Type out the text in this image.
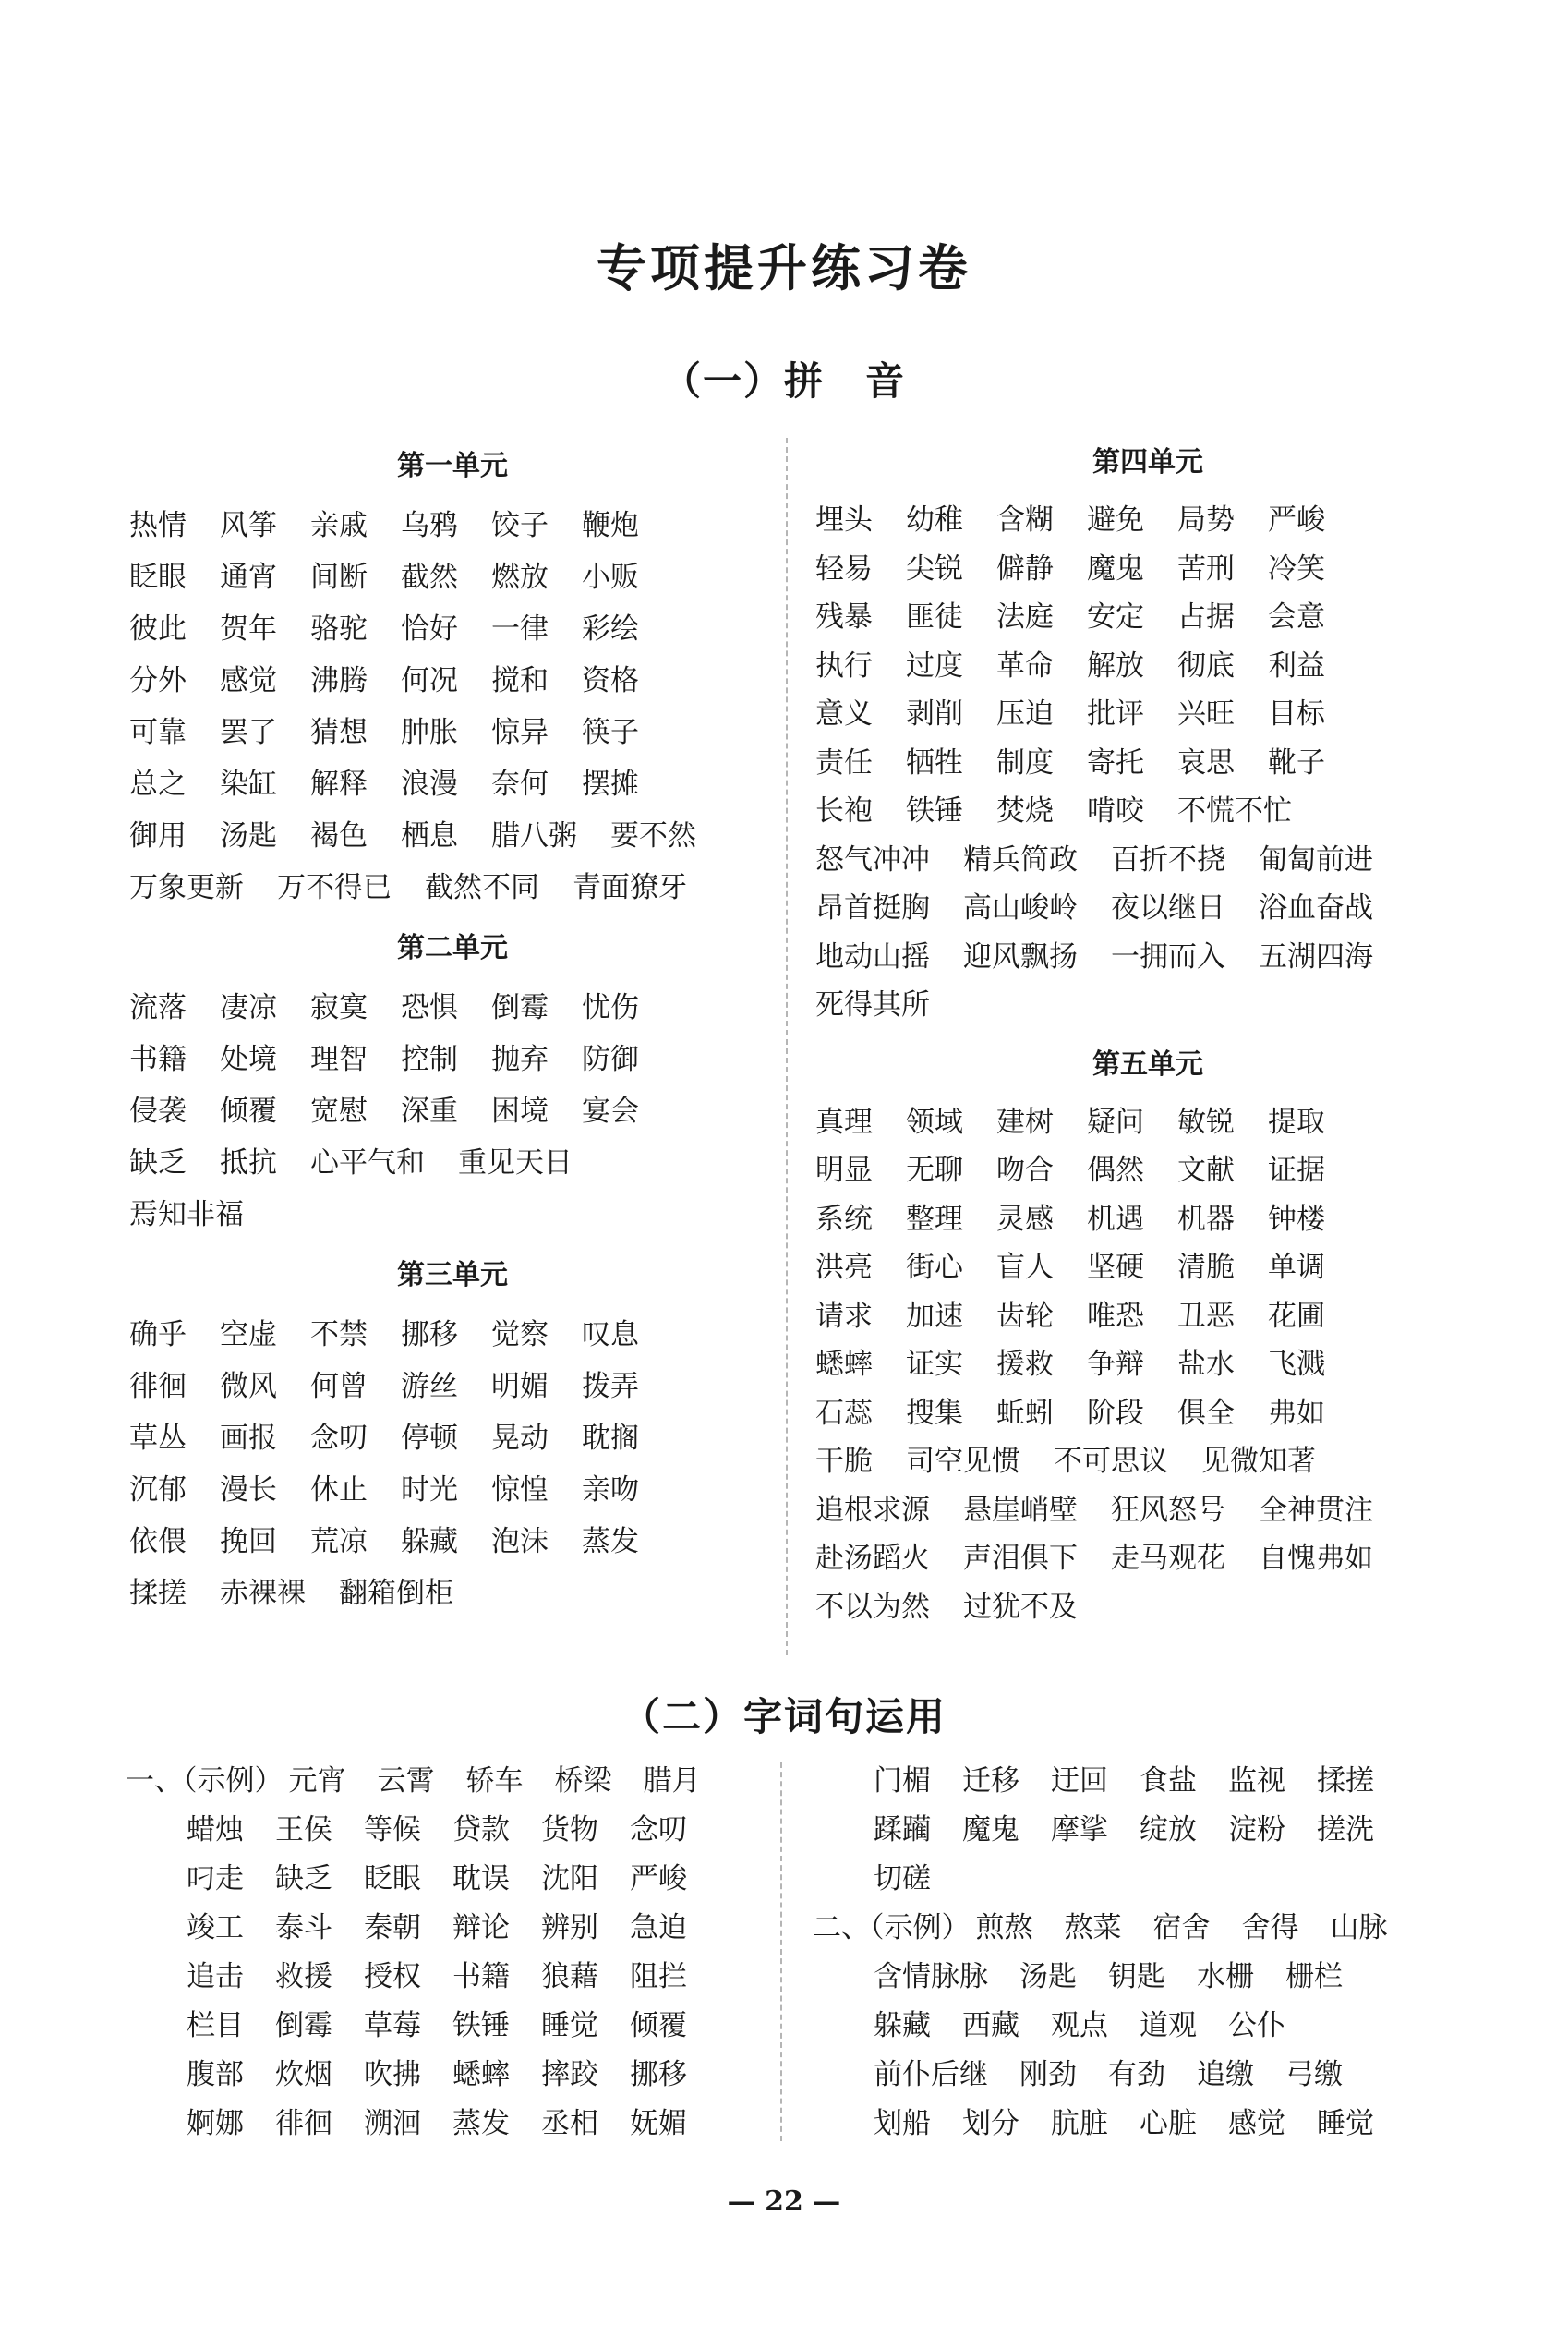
专项提升练习卷
（一）拼　音
第一单元
热情 风筝 亲戚 乌鸦 饺子 鞭炮
眨眼 通宵 间断 截然 燃放 小贩
彼此 贺年 骆驼 恰好 一律 彩绘
分外 感觉 沸腾 何况 搅和 资格
可靠 罢了 猜想 肿胀 惊异 筷子
总之 染缸 解释 浪漫 奈何 摆摊
御用 汤匙 褐色 栖息 腊八粥 要不然
万象更新 万不得已 截然不同 青面獠牙
第二单元
流落 凄凉 寂寞 恐惧 倒霉 忧伤
书籍 处境 理智 控制 抛弃 防御
侵袭 倾覆 宽慰 深重 困境 宴会
缺乏 抵抗 心平气和 重见天日
焉知非福
第三单元
确乎 空虚 不禁 挪移 觉察 叹息
徘徊 微风 何曾 游丝 明媚 拨弄
草丛 画报 念叨 停顿 晃动 耽搁
沉郁 漫长 休止 时光 惊惶 亲吻
依偎 挽回 荒凉 躲藏 泡沫 蒸发
揉搓 赤裸裸 翻箱倒柜
第四单元
埋头 幼稚 含糊 避免 局势 严峻
轻易 尖锐 僻静 魔鬼 苦刑 冷笑
残暴 匪徒 法庭 安定 占据 会意
执行 过度 革命 解放 彻底 利益
意义 剥削 压迫 批评 兴旺 目标
责任 牺牲 制度 寄托 哀思 靴子
长袍 铁锤 焚烧 啃咬 不慌不忙
怒气冲冲 精兵简政 百折不挠 匍匐前进
昂首挺胸 高山峻岭 夜以继日 浴血奋战
地动山摇 迎风飘扬 一拥而入 五湖四海
死得其所
第五单元
真理 领域 建树 疑问 敏锐 提取
明显 无聊 吻合 偶然 文献 证据
系统 整理 灵感 机遇 机器 钟楼
洪亮 街心 盲人 坚硬 清脆 单调
请求 加速 齿轮 唯恐 丑恶 花圃
蟋蟀 证实 援救 争辩 盐水 飞溅
石蕊 搜集 蚯蚓 阶段 俱全 弗如
干脆 司空见惯 不可思议 见微知著
追根求源 悬崖峭壁 狂风怒号 全神贯注
赴汤蹈火 声泪俱下 走马观花 自愧弗如
不以为然 过犹不及
（二）字词句运用
一、（示例） 元宵 云霄 轿车 桥梁 腊月
蜡烛 王侯 等候 贷款 货物 念叨
叼走 缺乏 眨眼 耽误 沈阳 严峻
竣工 泰斗 秦朝 辩论 辨别 急迫
追击 救援 授权 书籍 狼藉 阻拦
栏目 倒霉 草莓 铁锤 睡觉 倾覆
腹部 炊烟 吹拂 蟋蟀 摔跤 挪移
婀娜 徘徊 溯洄 蒸发 丞相 妩媚
门楣 迁移 迂回 食盐 监视 揉搓
蹂躏 魔鬼 摩挲 绽放 淀粉 搓洗
切磋
二、（示例） 煎熬 熬菜 宿舍 舍得 山脉
含情脉脉 汤匙 钥匙 水栅 栅栏
躲藏 西藏 观点 道观 公仆
前仆后继 刚劲 有劲 追缴 弓缴
划船 划分 肮脏 心脏 感觉 睡觉
— 22 —
